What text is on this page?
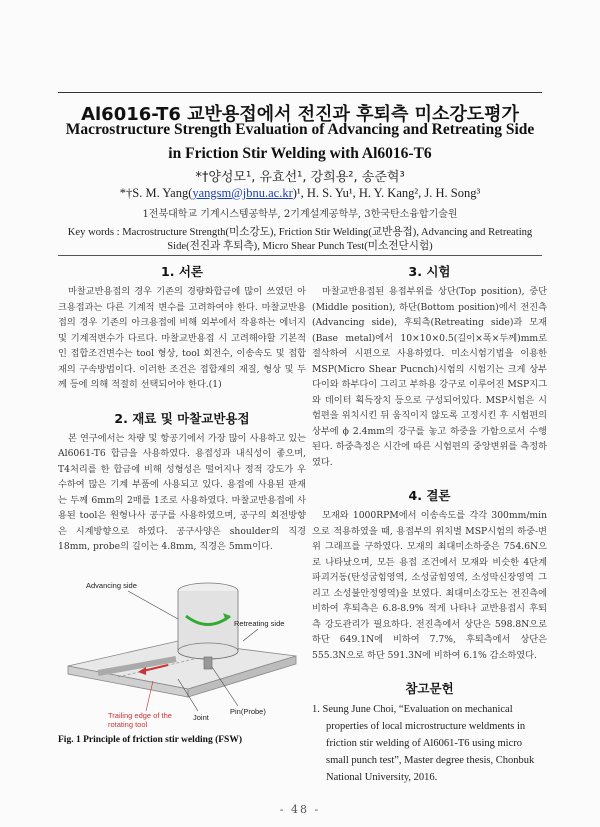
Al6016-T6 교반용접에서 전진과 후퇴측 미소강도평가
Macrostructure Strength Evaluation of Advancing and Retreating Side
in Friction Stir Welding with Al6016-T6
*†양성모¹, 유효선¹, 강희용², 송준혁³
*†S. M. Yang(yangsm@jbnu.ac.kr)¹, H. S. Yu¹, H. Y. Kang², J. H. Song³
1전북대학교 기계시스템공학부, 2기계설계공학부, 3한국탄소융합기술원
Key words : Macrostructure Strength(미소강도), Friction Stir Welding(교반용접), Advancing and Retreating Side(전진과 후퇴측), Micro Shear Punch Test(미소전단시험)
1. 서론

마찰교반용접의 경우 기존의 경량화합금에 많이 쓰였던 아크용접과는 다른 기계적 변수를 고려하여야 한다. 마찰교반용접의 경우 기존의 아크용접에 비해 외부에서 작용하는 에너지 및 기계적변수가 다르다. 마찰교반용접 시 고려해야할 기본적인 접합조건변수는 tool 형상, tool 회전수, 이송속도 및 접합재의 구속방법이다. 이러한 조건은 접합재의 재질, 형상 및 두께 등에 의해 적절히 선택되어야 한다.(1)

2. 재료 및 마찰교반용접

본 연구에서는 차량 및 항공기에서 가장 많이 사용하고 있는 Al6061-T6 합금을 사용하였다. 용접성과 내식성이 좋으며, T4처리를 한 합금에 비해 성형성은 떨어지나 정적 강도가 우수하여 많은 기계 부품에 사용되고 있다. 용접에 사용된 판재는 두께 6mm의 2매를 1조로 사용하였다. 마찰교반용접에 사용된 tool은 원형나사 공구를 사용하였으며, 공구의 회전방향은 시계방향으로 하였다. 공구사양은 shoulder의 직경 18mm, probe의 길이는 4.8mm, 직경은 5mm이다.

Advancing side
Retreating side
Trailing edge of the rotating tool
Joint
Pin(Probe)
Fig. 1 Principle of friction stir welding (FSW)
3. 시험

마찰교반용접된 용접부위를 상단(Top position), 중단(Middle position), 하단(Bottom position)에서 전진측(Advancing side), 후퇴측(Retreating side)과 모재(Base metal)에서 10×10×0.5(길이×폭×두께)mm로 절삭하여 시편으로 사용하였다. 미소시험기법을 이용한 MSP(Micro Shear Pucnch)시험의 시험기는 크게 상부다이와 하부다이 그리고 부하용 강구로 이루어진 MSP지그와 데이터 획득장치 등으로 구성되어있다. MSP시험은 시험편을 위치시킨 뒤 움직이지 않도록 고정시킨 후 시험편의 상부에 ϕ 2.4mm의 강구를 놓고 하중을 가함으로서 수행된다. 하중측정은 시간에 따른 시험편의 중앙변위를 측정하였다.

4. 결론

모재와 1000RPM에서 이송속도를 각각 300mm/min으로 적용하였을 때, 용접부의 위치별 MSP시험의 하중-변위 그래프를 구하였다. 모재의 최대미소하중은 754.6N으로 나타났으며, 모든 용접 조건에서 모재와 비슷한 4단계 파괴거동(탄성굽힘영역, 소성굽힘영역, 소성막신장영역 그리고 소성불안정영역)을 보였다. 최대미소강도는 전진측에 비하여 후퇴측은 6.8-8.9% 적게 나타나 교반용접시 후퇴측 강도관리가 필요하다. 전진측에서 상단은 598.8N으로 하단 649.1N에 비하여 7.7%, 후퇴측에서 상단은 555.3N으로 하단 591.3N에 비하여 6.1% 감소하였다.

참고문헌

1. Seung June Choi, “Evaluation on mechanical properties of local microstructure weldments in friction stir welding of Al6061-T6 using micro small punch test”, Master degree thesis, Chonbuk National University, 2016.

- 48 -
